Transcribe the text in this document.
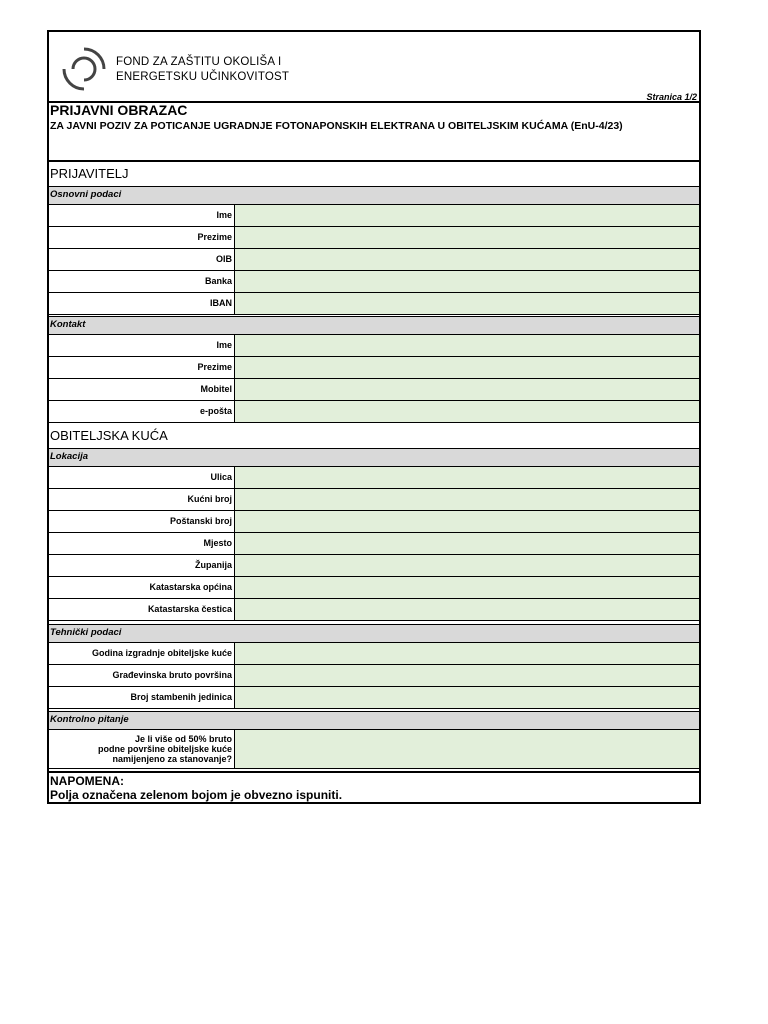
FOND ZA ZAŠTITU OKOLIŠA I
ENERGETSKU UČINKOVITOST
Stranica 1/2
PRIJAVNI OBRAZAC
ZA JAVNI POZIV ZA POTICANJE UGRADNJE FOTONAPONSKIH ELEKTRANA U OBITELJSKIM KUĆAMA (EnU-4/23)
PRIJAVITELJ
Osnovni podaci
Ime
Prezime
OIB
Banka
IBAN
Kontakt
Ime
Prezime
Mobitel
e-pošta
OBITELJSKA KUĆA
Lokacija
Ulica
Kućni broj
Poštanski broj
Mjesto
Županija
Katastarska općina
Katastarska čestica
Tehnički podaci
Godina izgradnje obiteljske kuće
Građevinska bruto površina
Broj stambenih jedinica
Kontrolno pitanje
Je li više od 50% bruto
podne površine obiteljske kuće
namijenjeno za stanovanje?
NAPOMENA:
Polja označena zelenom bojom je obvezno ispuniti.
